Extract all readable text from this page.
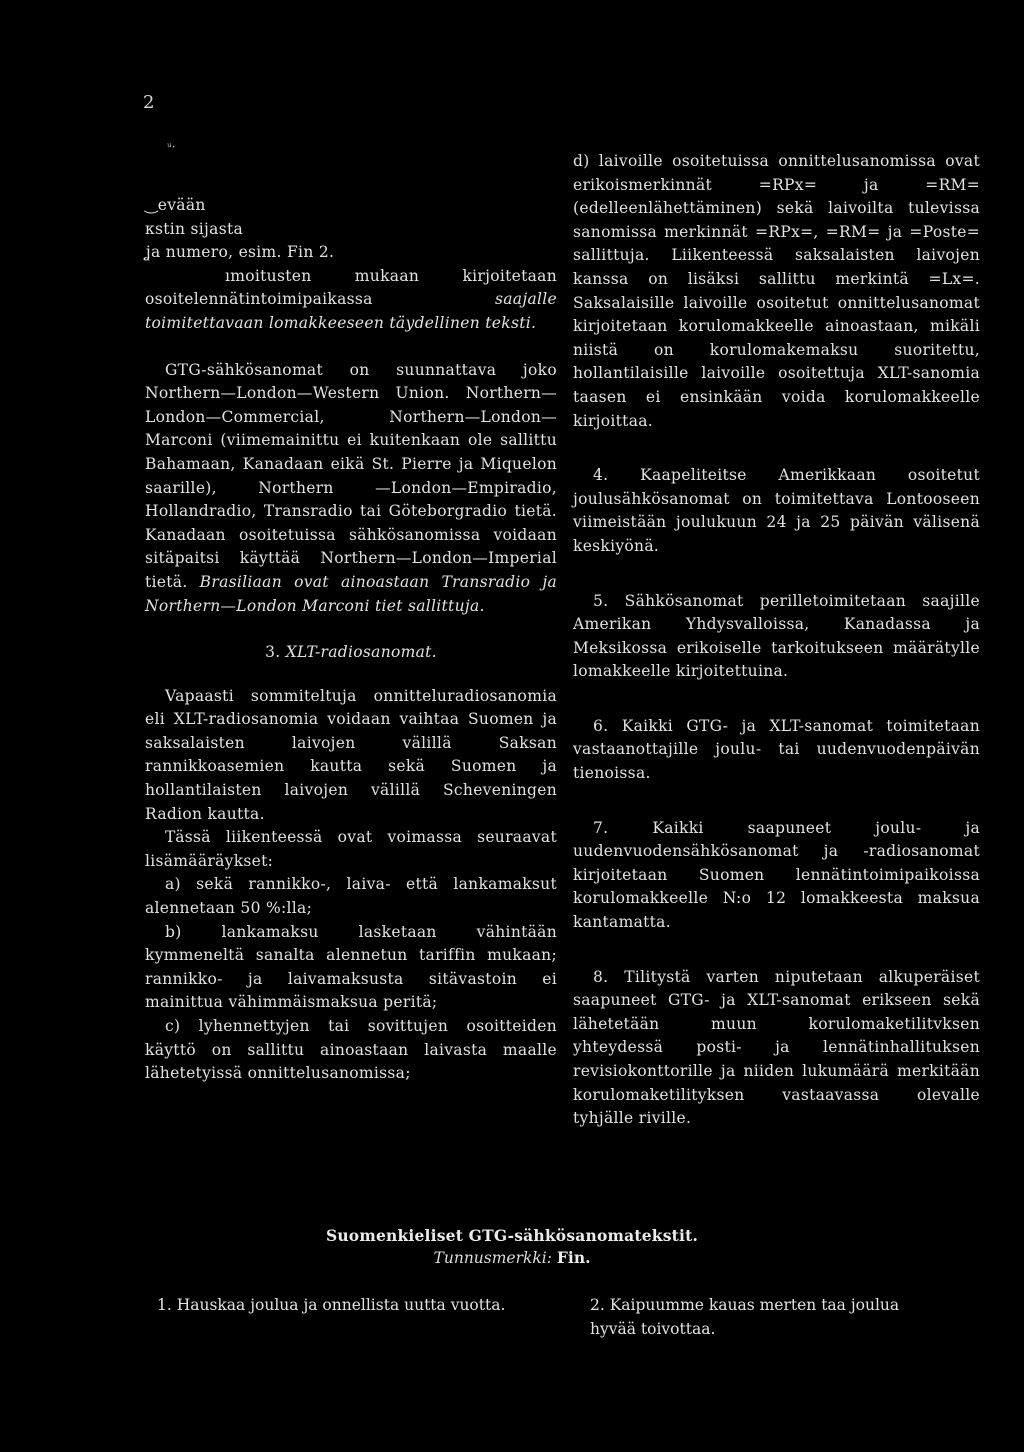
2
ᵘ·

‿evään

ᴋstin sijasta

ʝa numero, esim. Fin 2.

ımoitusten mukaan kirjoitetaan osoitelennätintoimipaikassa	saajalle toimitettavaan lomakkeeseen täydellinen teksti.

GTG-sähkösanomat on suunnattava joko Northern—London—Western Union. Northern—London—Commercial, Northern—London—Marconi (viimemainittu ei kuitenkaan ole sallittu Bahamaan, Kanadaan eikä St. Pierre ja Miquelon saarille), Northern —London—Empiradio, Hollandradio, Transradio tai Göteborgradio tietä. Kanadaan osoitetuissa sähkösanomissa voidaan sitäpaitsi käyttää Northern—London—Imperial tietä. Brasiliaan ovat ainoastaan Transradio ja Northern—London Marconi tiet sallittuja.

3. XLT-radiosanomat.

Vapaasti sommiteltuja onnitteluradiosanomia eli XLT-radiosanomia voidaan vaihtaa Suomen ja saksalaisten laivojen välillä Saksan rannikkoasemien kautta sekä Suomen ja hollantilaisten laivojen välillä Scheveningen Radion kautta.

Tässä liikenteessä ovat voimassa seuraavat lisämääräykset:

a) sekä rannikko-, laiva- että lankamaksut alennetaan 50 %:lla;

b) lankamaksu lasketaan vähintään kymmeneltä sanalta alennetun tariffin mukaan; rannikko- ja laivamaksusta sitävastoin ei mainittua vähimmäismaksua peritä;

c) lyhennettyjen tai sovittujen osoitteiden käyttö on sallittu ainoastaan laivasta maalle lähetetyissä onnittelusanomissa;

d) laivoille osoitetuissa onnittelusanomissa ovat erikoismerkinnät =RPx= ja =RM= (edelleenlähettäminen) sekä laivoilta tulevissa sanomissa merkinnät =RPx=, =RM= ja =Poste= sallittuja. Liikenteessä saksalaisten laivojen kanssa on lisäksi sallittu merkintä =Lx=. Saksalaisille laivoille osoitetut onnittelusanomat kirjoitetaan korulomakkeelle ainoastaan, mikäli niistä on korulomakemaksu suoritettu, hollantilaisille laivoille osoitettuja XLT-sanomia taasen ei ensinkään voida korulomakkeelle kirjoittaa.

4. Kaapeliteitse Amerikkaan osoitetut joulusähkösanomat on toimitettava Lontooseen viimeistään joulukuun 24 ja 25 päivän välisenä keskiyönä.

5. Sähkösanomat perilletoimitetaan saajille Amerikan Yhdysvalloissa, Kanadassa ja Meksikossa erikoiselle tarkoitukseen määrätylle lomakkeelle kirjoitettuina.

6. Kaikki GTG- ja XLT-sanomat toimitetaan vastaanottajille joulu- tai uudenvuodenpäivän tienoissa.

7. Kaikki saapuneet joulu- ja uudenvuodensähkösanomat ja -radiosanomat kirjoitetaan Suomen lennätintoimipaikoissa korulomakkeelle N:o 12 lomakkeesta maksua kantamatta.

8. Tilitystä varten niputetaan alkuperäiset saapuneet GTG- ja XLT-sanomat erikseen sekä lähetetään muun korulomaketilitvksen yhteydessä posti- ja lennätinhallituksen revisiokonttorille ja niiden lukumäärä merkitään korulomaketilityksen vastaavassa olevalle tyhjälle riville.

Suomenkieliset GTG-sähkösanomatekstit.
Tunnusmerkki: Fin.
1. Hauskaa joulua ja onnellista uutta vuotta.	2. Kaipuumme kauas merten taa joulua hyvää toivottaa.
